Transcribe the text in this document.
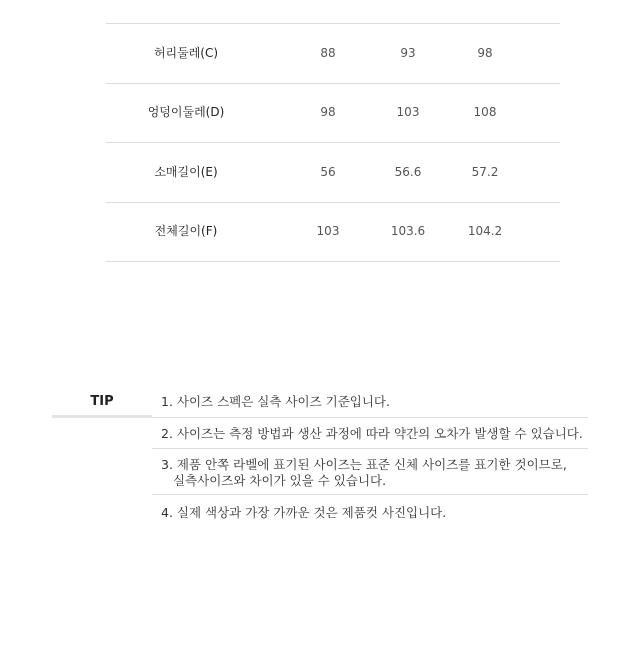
허리둘레(C)	88	93	98
엉덩이둘레(D)	98	103	108
소매길이(E)	56	56.6	57.2
전체길이(F)	103	103.6	104.2
TIP	1. 사이즈 스펙은 실측 사이즈 기준입니다.
2. 사이즈는 측정 방법과 생산 과정에 따라 약간의 오차가 발생할 수 있습니다.
3. 제품 안쪽 라벨에 표기된 사이즈는 표준 신체 사이즈를 표기한 것이므로,
실측사이즈와 차이가 있을 수 있습니다.
4. 실제 색상과 가장 가까운 것은 제품컷 사진입니다.
